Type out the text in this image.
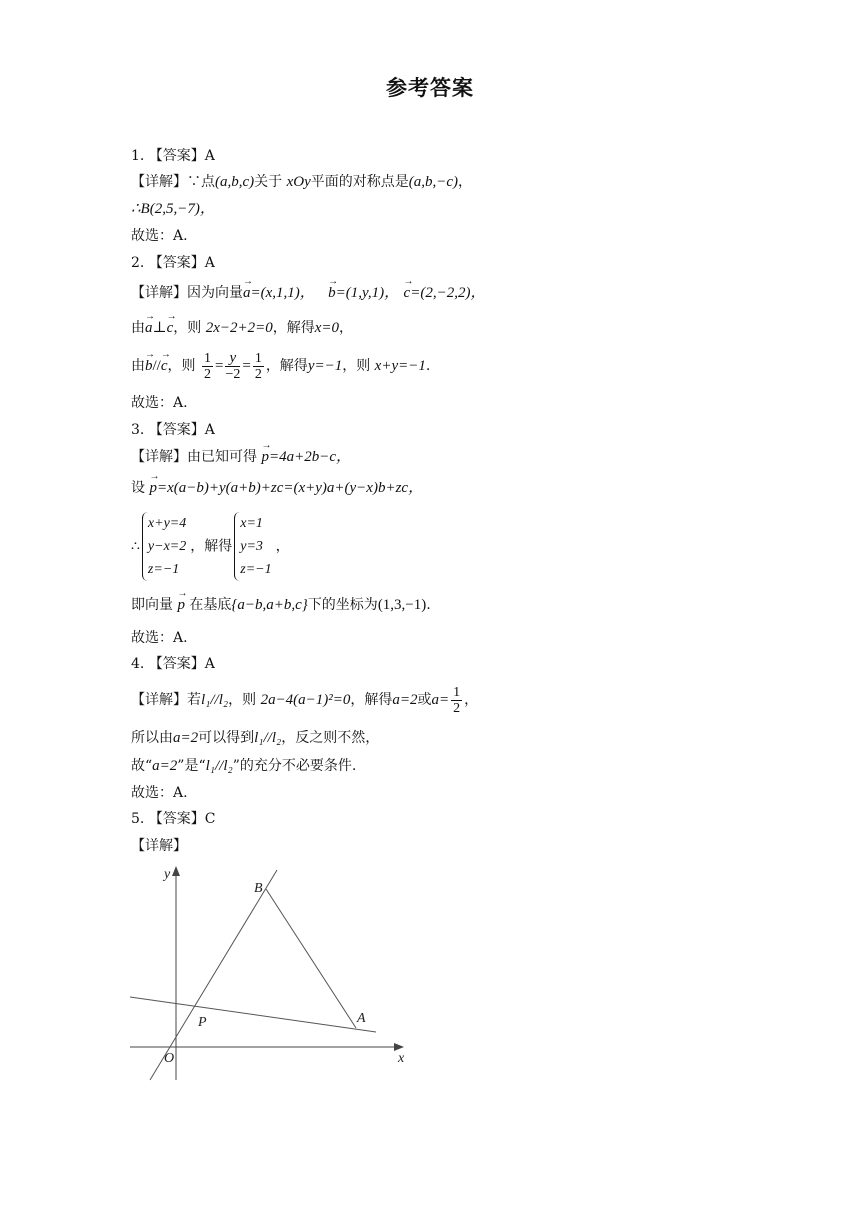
参考答案
1. 【答案】A
【详解】∵点(a,b,c)关于 xOy平面的对称点是(a,b,−c)，
∴B(2,5,−7)，
故选：A.
2. 【答案】A
【详解】因为向量→ a=(x,1,1)， → b=(1,y,1)， → c=(2,−2,2)，
由→ a⊥→ c，则 2x−2+2=0，解得x=0，
由→ b//→ c，则 $\frac{1}{2} = \frac{y}{-2} = \frac{1}{2}$ ，解得y=−1，则 x+y=−1.
故选：A.
3. 【答案】A
【详解】由已知可得 → p=4a+2b−c，
设 → p=x(a−b)+y(a+b)+zc=(x+y)a+(y−x)b+zc，
∴
x+y=4
y−x=2
z=−1
，解得
x=1
y=3
z=−1
，
即向量 → p 在基底{a−b,a+b,c}下的坐标为(1,3,−1).
故选：A.
4. 【答案】A
【详解】若l₁//l₂，则 2a−4(a−1)²=0，解得a=2或$a= \frac{1}{2}$ ，
所以由a=2可以得到l₁//l₂，反之则不然，
故“a=2”是“l₁//l₂”的充分不必要条件.
故选：A.
5. 【答案】C
【详解】
y
x
O
B
A
P
